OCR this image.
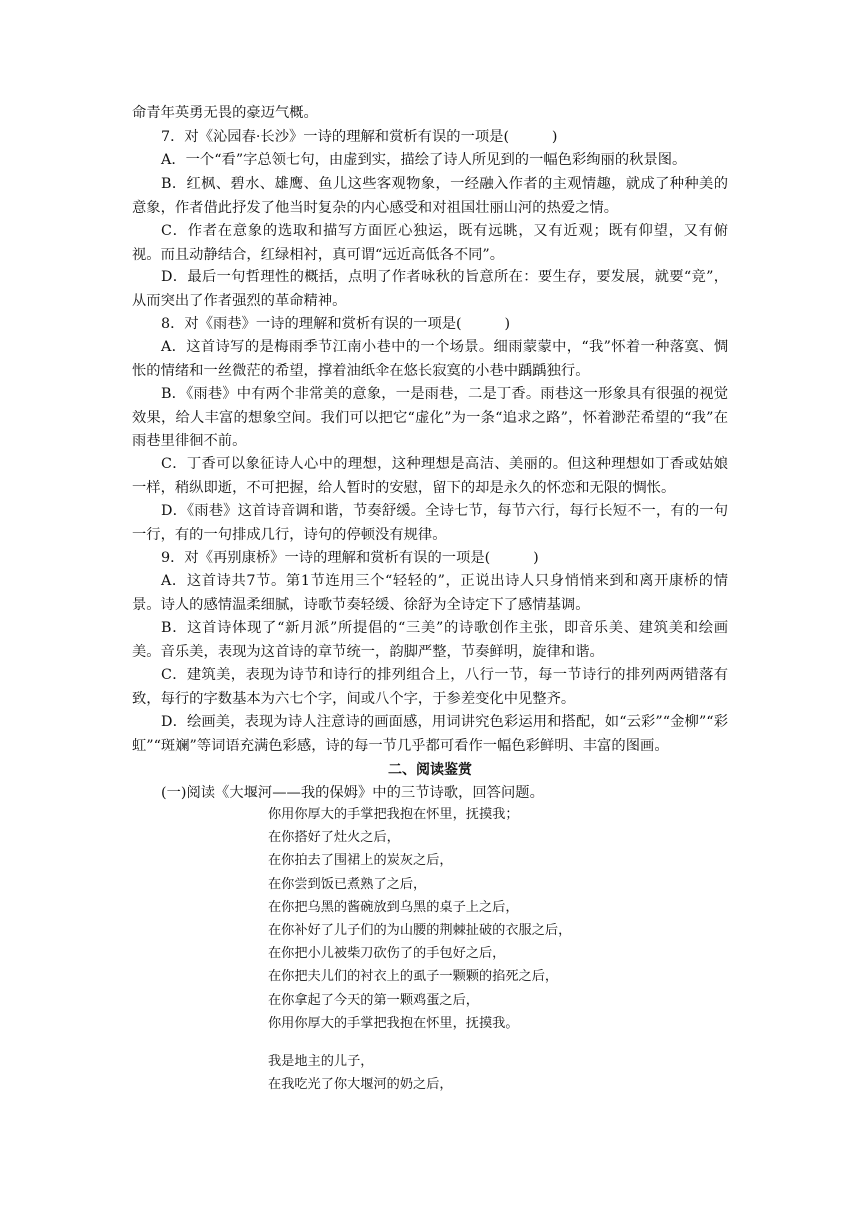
命青年英勇无畏的豪迈气概。

7．对《沁园春·长沙》一诗的理解和赏析有误的一项是(　　　)

A．一个“看”字总领七句，由虚到实，描绘了诗人所见到的一幅色彩绚丽的秋景图。

B．红枫、碧水、雄鹰、鱼儿这些客观物象，一经融入作者的主观情趣，就成了种种美的意象，作者借此抒发了他当时复杂的内心感受和对祖国壮丽山河的热爱之情。

C．作者在意象的选取和描写方面匠心独运，既有远眺，又有近观；既有仰望，又有俯视。而且动静结合，红绿相衬，真可谓“远近高低各不同”。

D．最后一句哲理性的概括，点明了作者咏秋的旨意所在：要生存，要发展，就要“竞”，从而突出了作者强烈的革命精神。

8．对《雨巷》一诗的理解和赏析有误的一项是(　　　)

A．这首诗写的是梅雨季节江南小巷中的一个场景。细雨蒙蒙中，“我”怀着一种落寞、惆怅的情绪和一丝微茫的希望，撑着油纸伞在悠长寂寞的小巷中踽踽独行。

B．《雨巷》中有两个非常美的意象，一是雨巷，二是丁香。雨巷这一形象具有很强的视觉效果，给人丰富的想象空间。我们可以把它“虚化”为一条“追求之路”，怀着渺茫希望的“我”在雨巷里徘徊不前。

C．丁香可以象征诗人心中的理想，这种理想是高洁、美丽的。但这种理想如丁香或姑娘一样，稍纵即逝，不可把握，给人暂时的安慰，留下的却是永久的怀恋和无限的惆怅。

D．《雨巷》这首诗音调和谐，节奏舒缓。全诗七节，每节六行，每行长短不一，有的一句一行，有的一句排成几行，诗句的停顿没有规律。

9．对《再别康桥》一诗的理解和赏析有误的一项是(　　　)

A．这首诗共7节。第1节连用三个“轻轻的”，正说出诗人只身悄悄来到和离开康桥的情景。诗人的感情温柔细腻，诗歌节奏轻缓、徐舒为全诗定下了感情基调。

B．这首诗体现了“新月派”所提倡的“三美”的诗歌创作主张，即音乐美、建筑美和绘画美。音乐美，表现为这首诗的章节统一，韵脚严整，节奏鲜明，旋律和谐。

C．建筑美，表现为诗节和诗行的排列组合上，八行一节，每一节诗行的排列两两错落有致，每行的字数基本为六七个字，间或八个字，于参差变化中见整齐。

D．绘画美，表现为诗人注意诗的画面感，用词讲究色彩运用和搭配，如“云彩”“金柳”“彩虹”“斑斓”等词语充满色彩感，诗的每一节几乎都可看作一幅色彩鲜明、丰富的图画。

二、阅读鉴赏

(一)阅读《大堰河——我的保姆》中的三节诗歌，回答问题。

你用你厚大的手掌把我抱在怀里，抚摸我；
在你搭好了灶火之后，
在你拍去了围裙上的炭灰之后，
在你尝到饭已煮熟了之后，
在你把乌黑的酱碗放到乌黑的桌子上之后，
在你补好了儿子们的为山腰的荆棘扯破的衣服之后，
在你把小儿被柴刀砍伤了的手包好之后，
在你把夫儿们的衬衣上的虱子一颗颗的掐死之后，
在你拿起了今天的第一颗鸡蛋之后，
你用你厚大的手掌把我抱在怀里，抚摸我。
我是地主的儿子，
在我吃光了你大堰河的奶之后，
